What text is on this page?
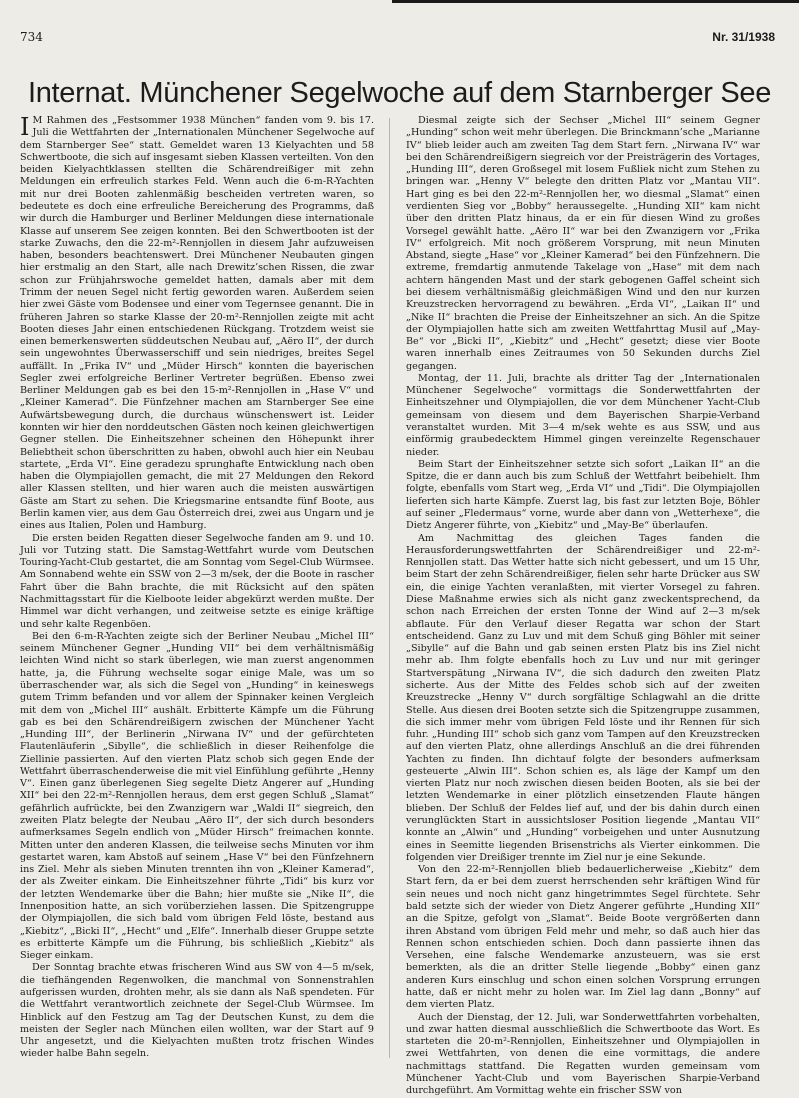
734	Nr. 31/1938
Internat. Münchener Segelwoche auf dem Starnberger See

I M Rahmen des „Festsommer 1938 München“ fanden vom 9. bis 17. Juli die Wettfahrten der „Internationalen Münchener Segelwoche auf dem Starnberger See“ statt. Gemeldet waren 13 Kielyachten und 58 Schwertboote, die sich auf insgesamt sieben Klassen verteilten. Von den beiden Kielyachtklassen stellten die Schärendreißiger mit zehn Meldungen ein erfreulich starkes Feld. Wenn auch die 6-m-R-Yachten mit nur drei Booten zahlenmäßig bescheiden vertreten waren, so bedeutete es doch eine erfreuliche Bereicherung des Programms, daß wir durch die Hamburger und Berliner Meldungen diese internationale Klasse auf unserem See zeigen konnten. Bei den Schwertbooten ist der starke Zuwachs, den die 22-m²-Rennjollen in diesem Jahr aufzuweisen haben, besonders beachtenswert. Drei Münchener Neubauten gingen hier erstmalig an den Start, alle nach Drewitz’schen Rissen, die zwar schon zur Frühjahrswoche gemeldet hatten, damals aber mit dem Trimm der neuen Segel nicht fertig geworden waren. Außerdem seien hier zwei Gäste vom Bodensee und einer vom Tegernsee genannt. Die in früheren Jahren so starke Klasse der 20-m²-Rennjollen zeigte mit acht Booten dieses Jahr einen entschiedenen Rückgang. Trotzdem weist sie einen bemerkenswerten süddeutschen Neubau auf, „Aëro II“, der durch sein ungewohntes Überwasserschiff und sein niedriges, breites Segel auffällt. In „Frika IV“ und „Müder Hirsch“ konnten die bayerischen Segler zwei erfolgreiche Berliner Vertreter begrüßen. Ebenso zwei Berliner Meldungen gab es bei den 15-m²-Rennjollen in „Hase V“ und „Kleiner Kamerad“. Die Fünfzehner machen am Starnberger See eine Aufwärtsbewegung durch, die durchaus wünschenswert ist. Leider konnten wir hier den norddeutschen Gästen noch keinen gleichwertigen Gegner stellen. Die Einheitszehner scheinen den Höhepunkt ihrer Beliebtheit schon überschritten zu haben, obwohl auch hier ein Neubau startete, „Erda VI“. Eine geradezu sprunghafte Entwicklung nach oben haben die Olympiajollen gemacht, die mit 27 Meldungen den Rekord aller Klassen stellten, und hier waren auch die meisten auswärtigen Gäste am Start zu sehen. Die Kriegsmarine entsandte fünf Boote, aus Berlin kamen vier, aus dem Gau Österreich drei, zwei aus Ungarn und je eines aus Italien, Polen und Hamburg.

Die ersten beiden Regatten dieser Segelwoche fanden am 9. und 10. Juli vor Tutzing statt. Die Samstag-Wettfahrt wurde vom Deutschen Touring-Yacht-Club gestartet, die am Sonntag vom Segel-Club Würmsee. Am Sonnabend wehte ein SSW von 2—3 m/sek, der die Boote in rascher Fahrt über die Bahn brachte, die mit Rücksicht auf den späten Nachmittagsstart für die Kielboote leider abgekürzt werden mußte. Der Himmel war dicht verhangen, und zeitweise setzte es einige kräftige und sehr kalte Regenböen.

Bei den 6-m-R-Yachten zeigte sich der Berliner Neubau „Michel III“ seinem Münchener Gegner „Hunding VII“ bei dem verhältnismäßig leichten Wind nicht so stark überlegen, wie man zuerst angenommen hatte, ja, die Führung wechselte sogar einige Male, was um so überraschender war, als sich die Segel von „Hunding“ in keineswegs gutem Trimm befanden und vor allem der Spinnaker keinen Vergleich mit dem von „Michel III“ aushält. Erbitterte Kämpfe um die Führung gab es bei den Schärendreißigern zwischen der Münchener Yacht „Hunding III“, der Berlinerin „Nirwana IV“ und der gefürchteten Flautenläuferin „Sibylle“, die schließlich in dieser Reihenfolge die Ziellinie passierten. Auf den vierten Platz schob sich gegen Ende der Wettfahrt überraschenderweise die mit viel Einfühlung geführte „Henny V“. Einen ganz überlegenen Sieg segelte Dietz Angerer auf „Hunding XII“ bei den 22-m²-Rennjollen heraus, dem erst gegen Schluß „Slamat“ gefährlich aufrückte, bei den Zwanzigern war „Waldi II“ siegreich, den zweiten Platz belegte der Neubau „Aëro II“, der sich durch besonders aufmerksames Segeln endlich von „Müder Hirsch“ freimachen konnte. Mitten unter den anderen Klassen, die teilweise sechs Minuten vor ihm gestartet waren, kam Abstoß auf seinem „Hase V“ bei den Fünfzehnern ins Ziel. Mehr als sieben Minuten trennten ihn von „Kleiner Kamerad“, der als Zweiter einkam. Die Einheitszehner führte „Tidi“ bis kurz vor der letzten Wendemarke über die Bahn; hier mußte sie „Nike II“, die Innenposition hatte, an sich vorüberziehen lassen. Die Spitzengruppe der Olympiajollen, die sich bald vom übrigen Feld löste, bestand aus „Kiebitz“, „Bicki II“, „Hecht“ und „Elfe“. Innerhalb dieser Gruppe setzte es erbitterte Kämpfe um die Führung, bis schließlich „Kiebitz“ als Sieger einkam.

Der Sonntag brachte etwas frischeren Wind aus SW von 4—5 m/sek, die tiefhängenden Regenwolken, die manchmal von Sonnenstrahlen aufgerissen wurden, drohten mehr, als sie dann als Naß spendeten. Für die Wettfahrt verantwortlich zeichnete der Segel-Club Würmsee. Im Hinblick auf den Festzug am Tag der Deutschen Kunst, zu dem die meisten der Segler nach München eilen wollten, war der Start auf 9 Uhr angesetzt, und die Kielyachten mußten trotz frischen Windes wieder halbe Bahn segeln.

Diesmal zeigte sich der Sechser „Michel III“ seinem Gegner „Hunding“ schon weit mehr überlegen. Die Brinckmann’sche „Marianne IV“ blieb leider auch am zweiten Tag dem Start fern. „Nirwana IV“ war bei den Schärendreißigern siegreich vor der Preisträgerin des Vortages, „Hunding III“, deren Großsegel mit losem Fußliek nicht zum Stehen zu bringen war. „Henny V“ belegte den dritten Platz vor „Mantau VII“. Hart ging es bei den 22-m²-Rennjollen her, wo diesmal „Slamat“ einen verdienten Sieg vor „Bobby“ heraussegelte. „Hunding XII“ kam nicht über den dritten Platz hinaus, da er ein für diesen Wind zu großes Vorsegel gewählt hatte. „Aëro II“ war bei den Zwanzigern vor „Frika IV“ erfolgreich. Mit noch größerem Vorsprung, mit neun Minuten Abstand, siegte „Hase“ vor „Kleiner Kamerad“ bei den Fünfzehnern. Die extreme, fremdartig anmutende Takelage von „Hase“ mit dem nach achtern hängenden Mast und der stark gebogenen Gaffel scheint sich bei diesem verhältnismäßig gleichmäßigen Wind und den nur kurzen Kreuzstrecken hervorragend zu bewähren. „Erda VI“, „Laikan II“ und „Nike II“ brachten die Preise der Einheitszehner an sich. An die Spitze der Olympiajollen hatte sich am zweiten Wettfahrttag Musil auf „May-Be“ vor „Bicki II“, „Kiebitz“ und „Hecht“ gesetzt; diese vier Boote waren innerhalb eines Zeitraumes von 50 Sekunden durchs Ziel gegangen.

Montag, der 11. Juli, brachte als dritter Tag der „Internationalen Münchener Segelwoche“ vormittags die Sonderwettfahrten der Einheitszehner und Olympiajollen, die vor dem Münchener Yacht-Club gemeinsam von diesem und dem Bayerischen Sharpie-Verband veranstaltet wurden. Mit 3—4 m/sek wehte es aus SSW, und aus einförmig graubedecktem Himmel gingen vereinzelte Regenschauer nieder.

Beim Start der Einheitszehner setzte sich sofort „Laikan II“ an die Spitze, die er dann auch bis zum Schluß der Wettfahrt beibehielt. Ihm folgte, ebenfalls vom Start weg, „Erda VI“ und „Tidi“. Die Olympiajollen lieferten sich harte Kämpfe. Zuerst lag, bis fast zur letzten Boje, Böhler auf seiner „Fledermaus“ vorne, wurde aber dann von „Wetterhexe“, die Dietz Angerer führte, von „Kiebitz“ und „May-Be“ überlaufen.

Am Nachmittag des gleichen Tages fanden die Herausforderungswettfahrten der Schärendreißiger und 22-m²-Rennjollen statt. Das Wetter hatte sich nicht gebessert, und um 15 Uhr, beim Start der zehn Schärendreißiger, fielen sehr harte Drücker aus SW ein, die einige Yachten veranlaßten, mit vierter Vorsegel zu fahren. Diese Maßnahme erwies sich als nicht ganz zweckentsprechend, da schon nach Erreichen der ersten Tonne der Wind auf 2—3 m/sek abflaute. Für den Verlauf dieser Regatta war schon der Start entscheidend. Ganz zu Luv und mit dem Schuß ging Böhler mit seiner „Sibylle“ auf die Bahn und gab seinen ersten Platz bis ins Ziel nicht mehr ab. Ihm folgte ebenfalls hoch zu Luv und nur mit geringer Startverspätung „Nirwana IV“, die sich dadurch den zweiten Platz sicherte. Aus der Mitte des Feldes schob sich auf der zweiten Kreuzstrecke „Henny V“ durch sorgfältige Schlagwahl an die dritte Stelle. Aus diesen drei Booten setzte sich die Spitzengruppe zusammen, die sich immer mehr vom übrigen Feld löste und ihr Rennen für sich fuhr. „Hunding III“ schob sich ganz vom Tampen auf den Kreuzstrecken auf den vierten Platz, ohne allerdings Anschluß an die drei führenden Yachten zu finden. Ihn dichtauf folgte der besonders aufmerksam gesteuerte „Alwin III“. Schon schien es, als läge der Kampf um den vierten Platz nur noch zwischen diesen beiden Booten, als sie bei der letzten Wendemarke in einer plötzlich einsetzenden Flaute hängen blieben. Der Schluß der Feldes lief auf, und der bis dahin durch einen verunglückten Start in aussichtsloser Position liegende „Mantau VII“ konnte an „Alwin“ und „Hunding“ vorbeigehen und unter Ausnutzung eines in Seemitte liegenden Brisenstrichs als Vierter einkommen. Die folgenden vier Dreißiger trennte im Ziel nur je eine Sekunde.

Von den 22-m²-Rennjollen blieb bedauerlicherweise „Kiebitz“ dem Start fern, da er bei dem zuerst herrschenden sehr kräftigen Wind für sein neues und noch nicht ganz hingetrimmtes Segel fürchtete. Sehr bald setzte sich der wieder von Dietz Angerer geführte „Hunding XII“ an die Spitze, gefolgt von „Slamat“. Beide Boote vergrößerten dann ihren Abstand vom übrigen Feld mehr und mehr, so daß auch hier das Rennen schon entschieden schien. Doch dann passierte ihnen das Versehen, eine falsche Wendemarke anzusteuern, was sie erst bemerkten, als die an dritter Stelle liegende „Bobby“ einen ganz anderen Kurs einschlug und schon einen solchen Vorsprung errungen hatte, daß er nicht mehr zu holen war. Im Ziel lag dann „Bonny“ auf dem vierten Platz.

Auch der Dienstag, der 12. Juli, war Sonderwettfahrten vorbehalten, und zwar hatten diesmal ausschließlich die Schwertboote das Wort. Es starteten die 20-m²-Rennjollen, Einheitszehner und Olympiajollen in zwei Wettfahrten, von denen die eine vormittags, die andere nachmittags stattfand. Die Regatten wurden gemeinsam vom Münchener Yacht-Club und vom Bayerischen Sharpie-Verband durchgeführt. Am Vormittag wehte ein frischer SSW von
